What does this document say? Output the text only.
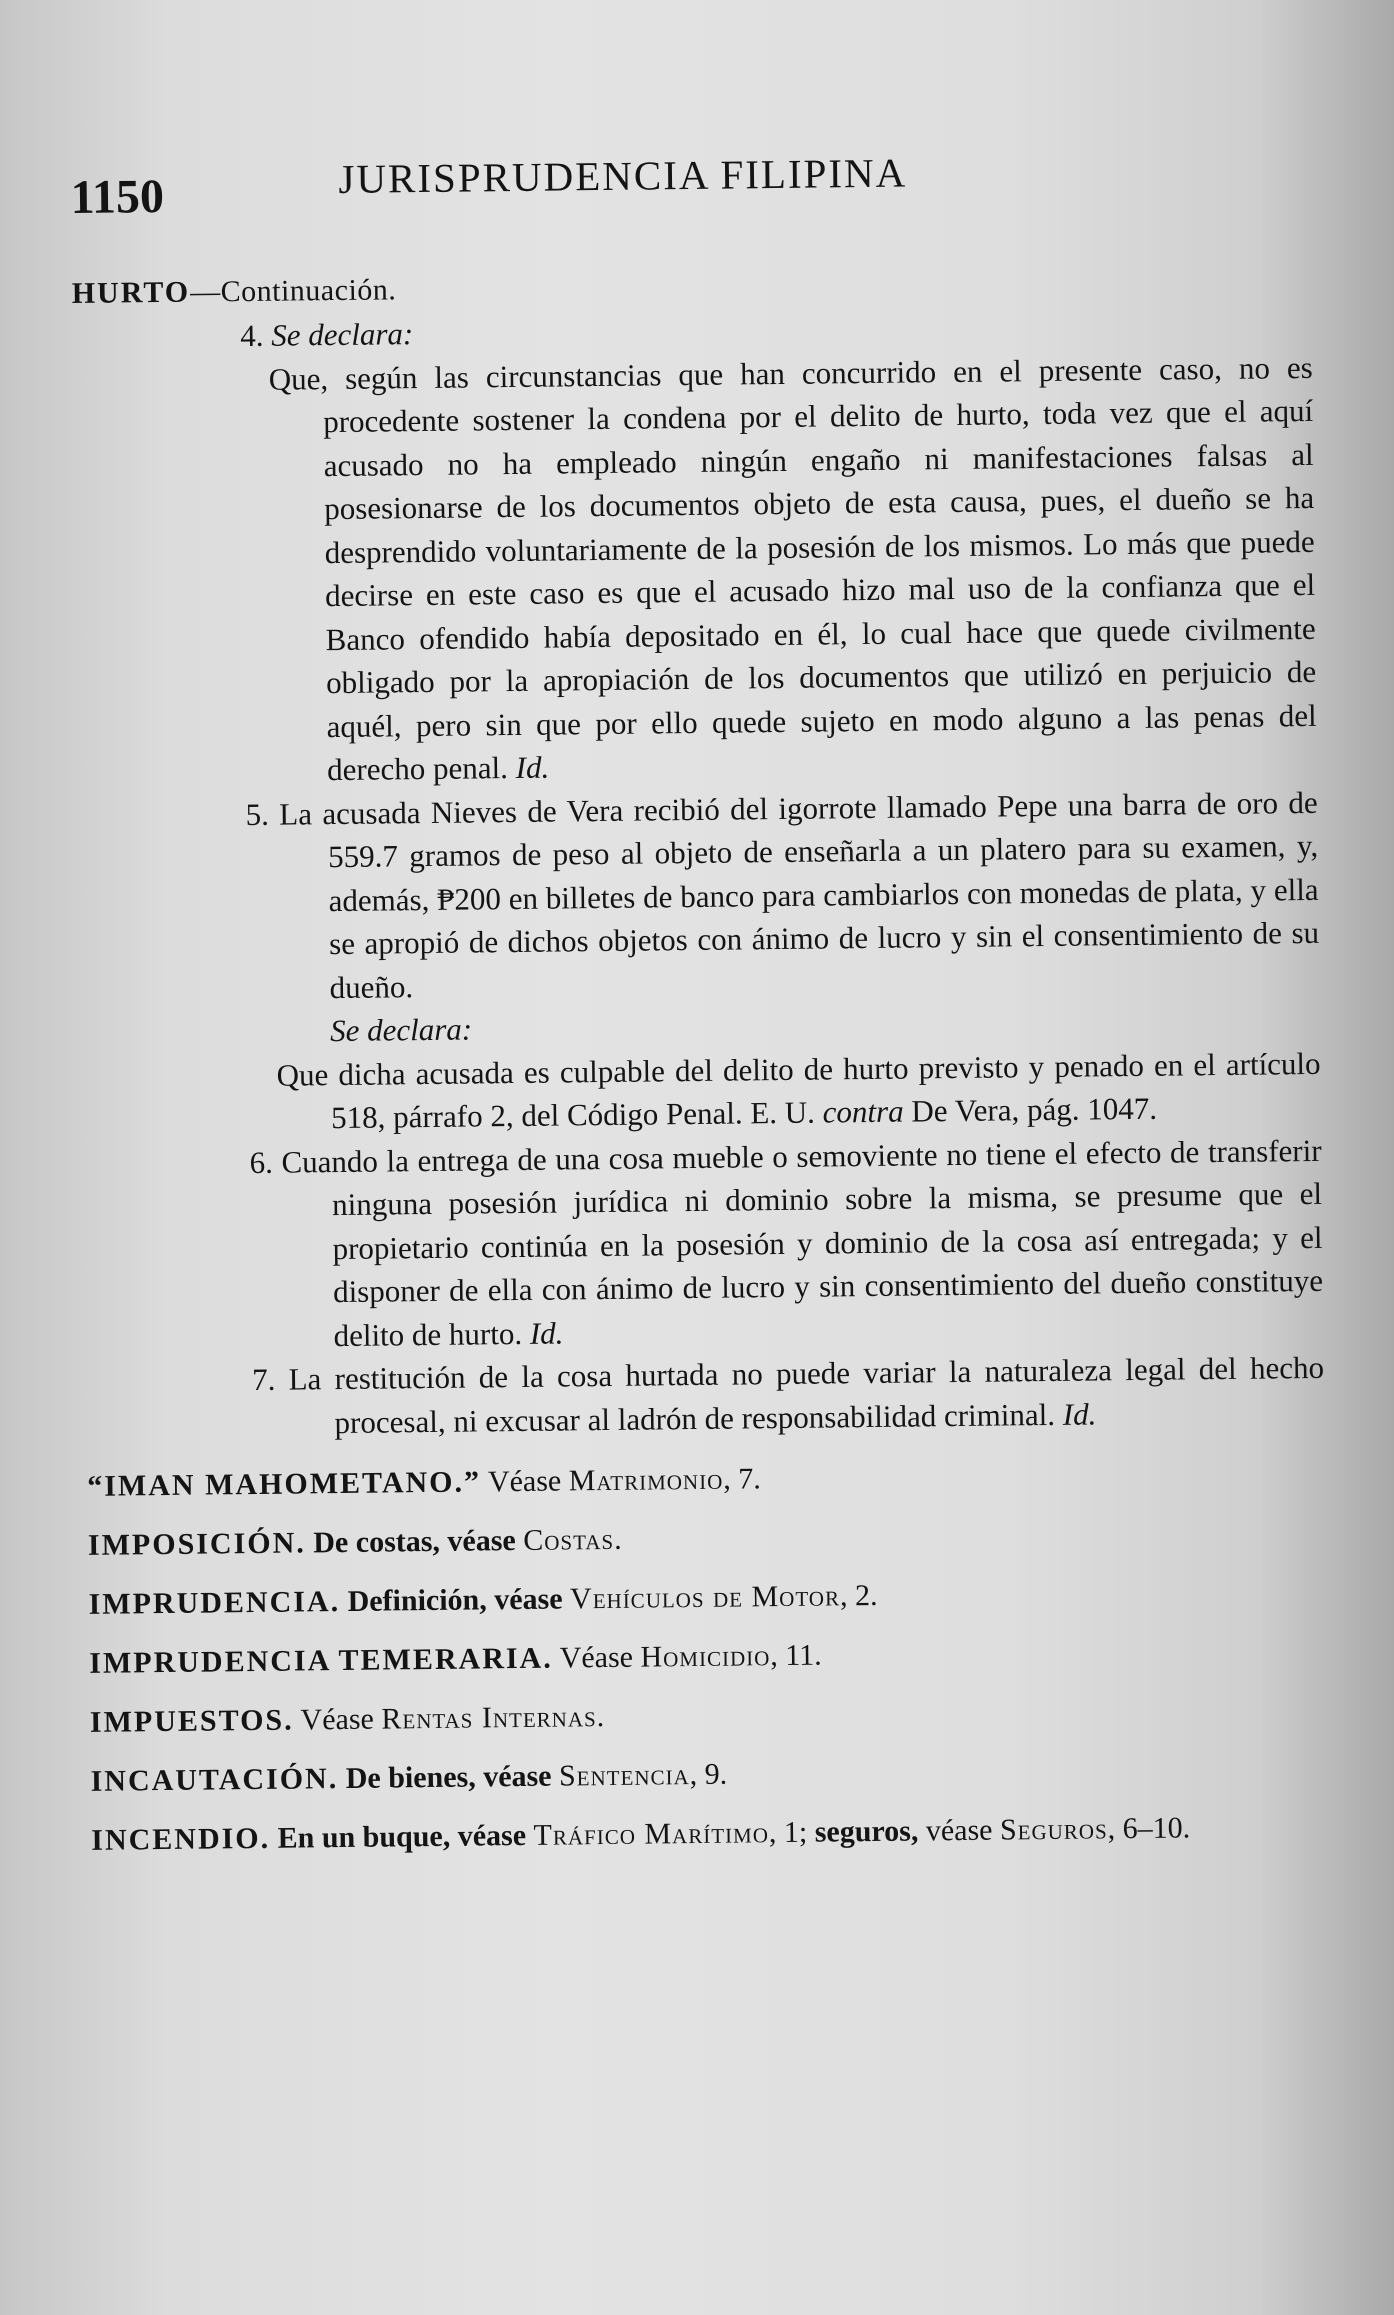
1150	JURISPRUDENCIA FILIPINA
HURTO—Continuación.
4. Se declara:

Que, según las circunstancias que han concurrido en el presente caso, no es procedente sostener la condena por el delito de hurto, toda vez que el aquí acusado no ha empleado ningún engaño ni manifestaciones falsas al posesionarse de los documentos objeto de esta causa, pues, el dueño se ha desprendido voluntariamente de la posesión de los mismos. Lo más que puede decirse en este caso es que el acusado hizo mal uso de la confianza que el Banco ofendido había depositado en él, lo cual hace que quede civilmente obligado por la apropiación de los documentos que utilizó en perjuicio de aquél, pero sin que por ello quede sujeto en modo alguno a las penas del derecho penal. Id.

5. La acusada Nieves de Vera recibió del igorrote llamado Pepe una barra de oro de 559.7 gramos de peso al objeto de enseñarla a un platero para su examen, y, además, ₱200 en billetes de banco para cambiarlos con monedas de plata, y ella se apropió de dichos objetos con ánimo de lucro y sin el consentimiento de su dueño.

Se declara:

Que dicha acusada es culpable del delito de hurto previsto y penado en el artículo 518, párrafo 2, del Código Penal. E. U. contra De Vera, pág. 1047.

6. Cuando la entrega de una cosa mueble o semoviente no tiene el efecto de transferir ninguna posesión jurídica ni dominio sobre la misma, se presume que el propietario continúa en la posesión y dominio de la cosa así entregada; y el disponer de ella con ánimo de lucro y sin consentimiento del dueño constituye delito de hurto. Id.

7. La restitución de la cosa hurtada no puede variar la naturaleza legal del hecho procesal, ni excusar al ladrón de responsabilidad criminal. Id.

“IMAN MAHOMETANO.” Véase Matrimonio, 7.

IMPOSICIÓN. De costas, véase Costas.

IMPRUDENCIA. Definición, véase Vehículos de Motor, 2.

IMPRUDENCIA TEMERARIA. Véase Homicidio, 11.

IMPUESTOS. Véase Rentas Internas.

INCAUTACIÓN. De bienes, véase Sentencia, 9.

INCENDIO. En un buque, véase Tráfico Marítimo, 1; seguros, véase Seguros, 6–10.
